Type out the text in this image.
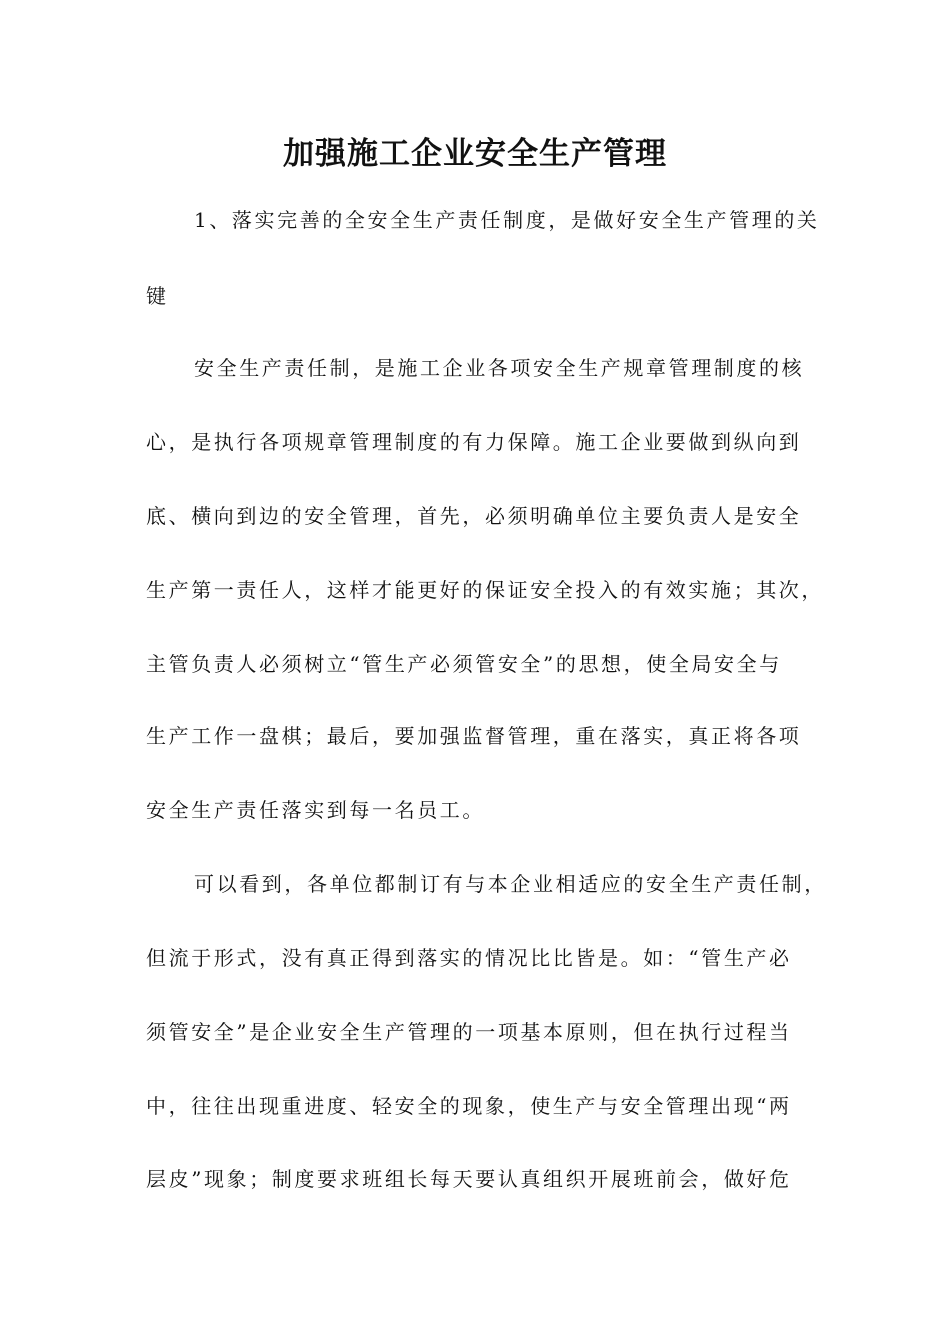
加强施工企业安全生产管理
1、落实完善的全安全生产责任制度，是做好安全生产管理的关
键
安全生产责任制，是施工企业各项安全生产规章管理制度的核
心，是执行各项规章管理制度的有力保障。施工企业要做到纵向到
底、横向到边的安全管理，首先，必须明确单位主要负责人是安全
生产第一责任人，这样才能更好的保证安全投入的有效实施；其次，
主管负责人必须树立“管生产必须管安全”的思想，使全局安全与
生产工作一盘棋；最后，要加强监督管理，重在落实，真正将各项
安全生产责任落实到每一名员工。
可以看到，各单位都制订有与本企业相适应的安全生产责任制，
但流于形式，没有真正得到落实的情况比比皆是。如：“管生产必
须管安全”是企业安全生产管理的一项基本原则，但在执行过程当
中，往往出现重进度、轻安全的现象，使生产与安全管理出现“两
层皮”现象；制度要求班组长每天要认真组织开展班前会，做好危
